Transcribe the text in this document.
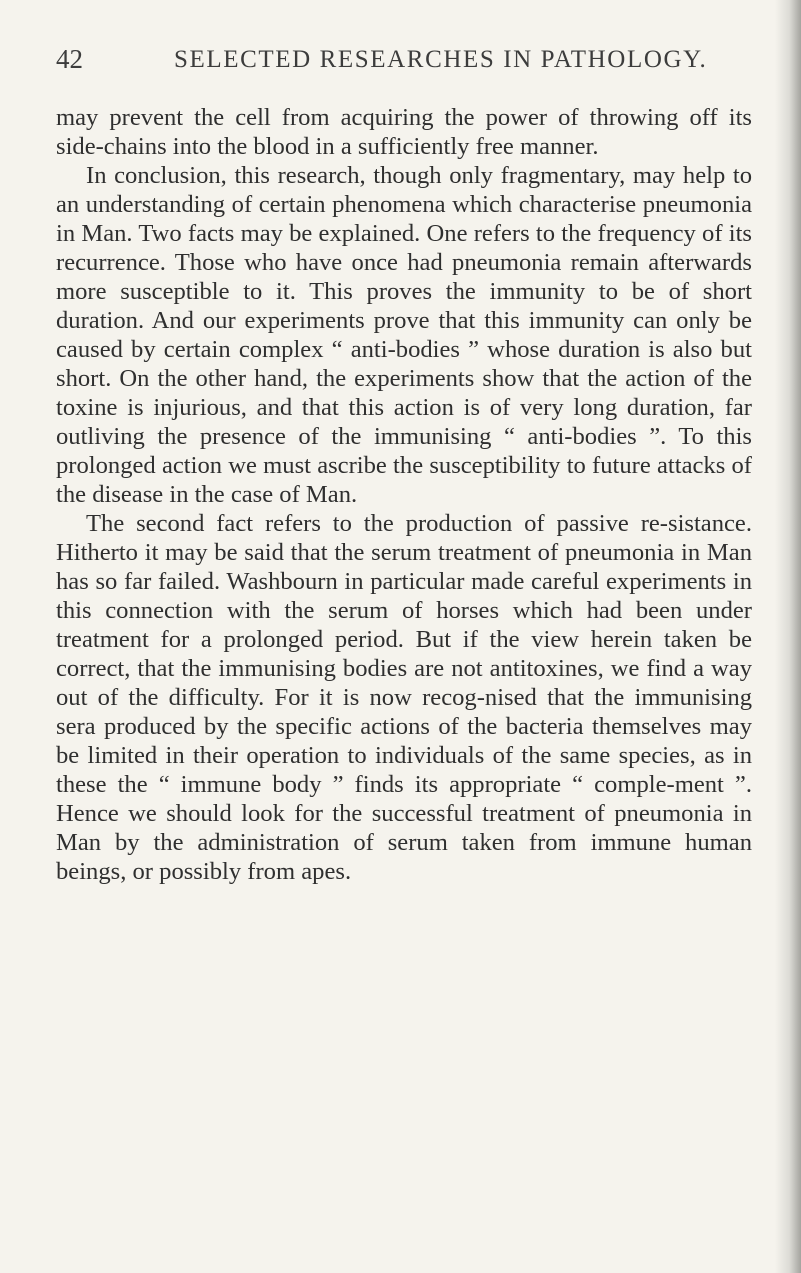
42	SELECTED RESEARCHES IN PATHOLOGY.

may prevent the cell from acquiring the power of throwing off its side-chains into the blood in a sufficiently free manner.

In conclusion, this research, though only fragmentary, may help to an understanding of certain phenomena which characterise pneumonia in Man. Two facts may be explained. One refers to the frequency of its recurrence. Those who have once had pneumonia remain afterwards more susceptible to it. This proves the immunity to be of short duration. And our experiments prove that this immunity can only be caused by certain complex “ anti-bodies ” whose duration is also but short. On the other hand, the experiments show that the action of the toxine is injurious, and that this action is of very long duration, far outliving the presence of the immunising “ anti-bodies ”. To this prolonged action we must ascribe the susceptibility to future attacks of the disease in the case of Man.

The second fact refers to the production of passive re-sistance. Hitherto it may be said that the serum treatment of pneumonia in Man has so far failed. Washbourn in particular made careful experiments in this connection with the serum of horses which had been under treatment for a prolonged period. But if the view herein taken be correct, that the immunising bodies are not antitoxines, we find a way out of the difficulty. For it is now recog-nised that the immunising sera produced by the specific actions of the bacteria themselves may be limited in their operation to individuals of the same species, as in these the “ immune body ” finds its appropriate “ comple-ment ”. Hence we should look for the successful treatment of pneumonia in Man by the administration of serum taken from immune human beings, or possibly from apes.
